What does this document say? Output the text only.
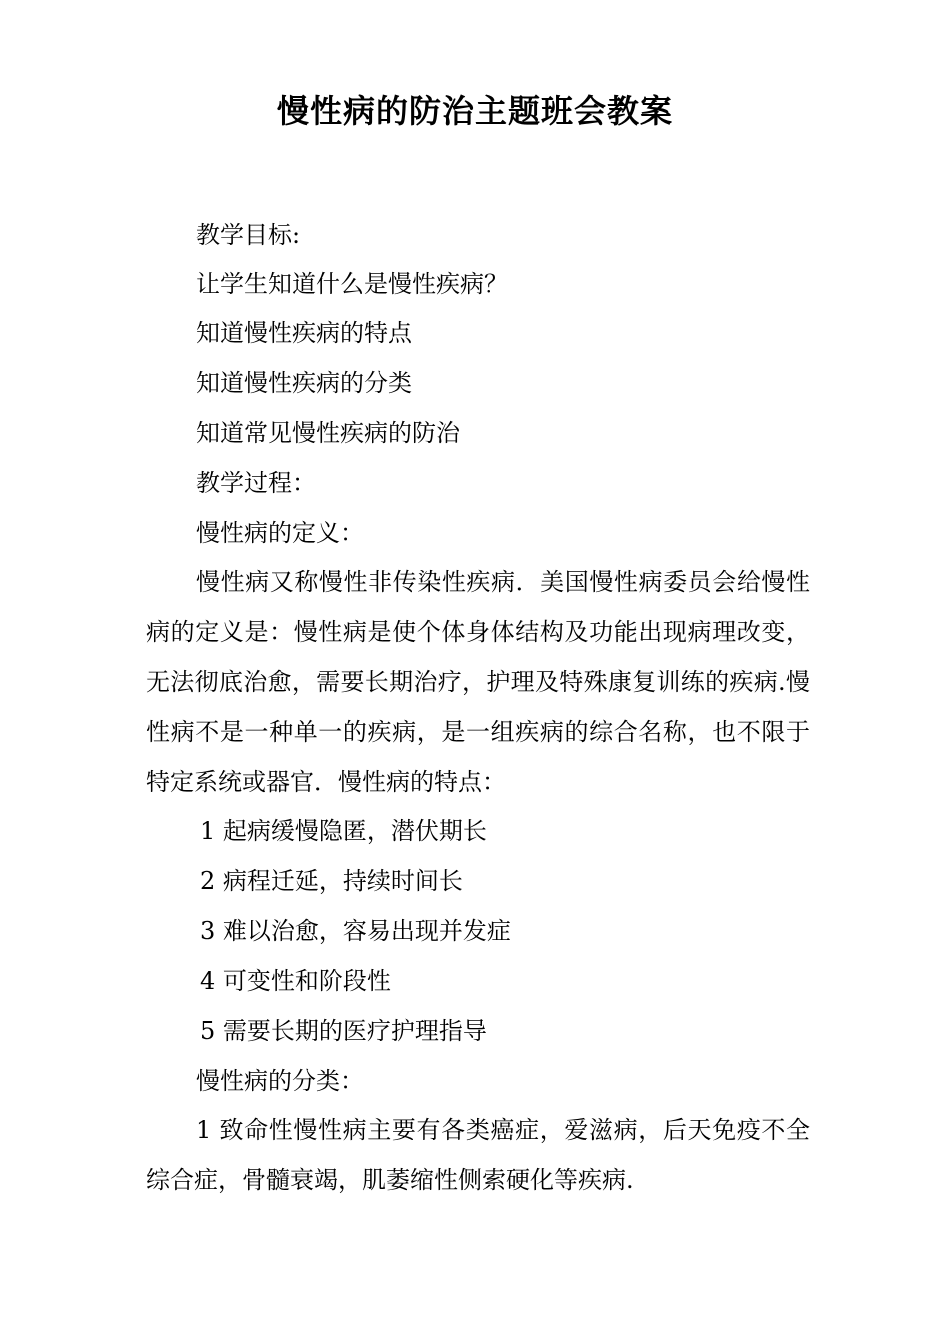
慢性病的防治主题班会教案
教学目标:
让学生知道什么是慢性疾病？
知道慢性疾病的特点
知道慢性疾病的分类
知道常见慢性疾病的防治
教学过程：
慢性病的定义：
慢性病又称慢性非传染性疾病．美国慢性病委员会给慢性病的定义是：慢性病是使个体身体结构及功能出现病理改变，无法彻底治愈，需要长期治疗，护理及特殊康复训练的疾病.慢性病不是一种单一的疾病，是一组疾病的综合名称，也不限于特定系统或器官．慢性病的特点：
1 起病缓慢隐匿，潜伏期长
2 病程迁延，持续时间长
3 难以治愈，容易出现并发症
4 可变性和阶段性
5 需要长期的医疗护理指导
慢性病的分类：
1 致命性慢性病主要有各类癌症，爱滋病，后天免疫不全综合症，骨髓衰竭，肌萎缩性侧索硬化等疾病.
